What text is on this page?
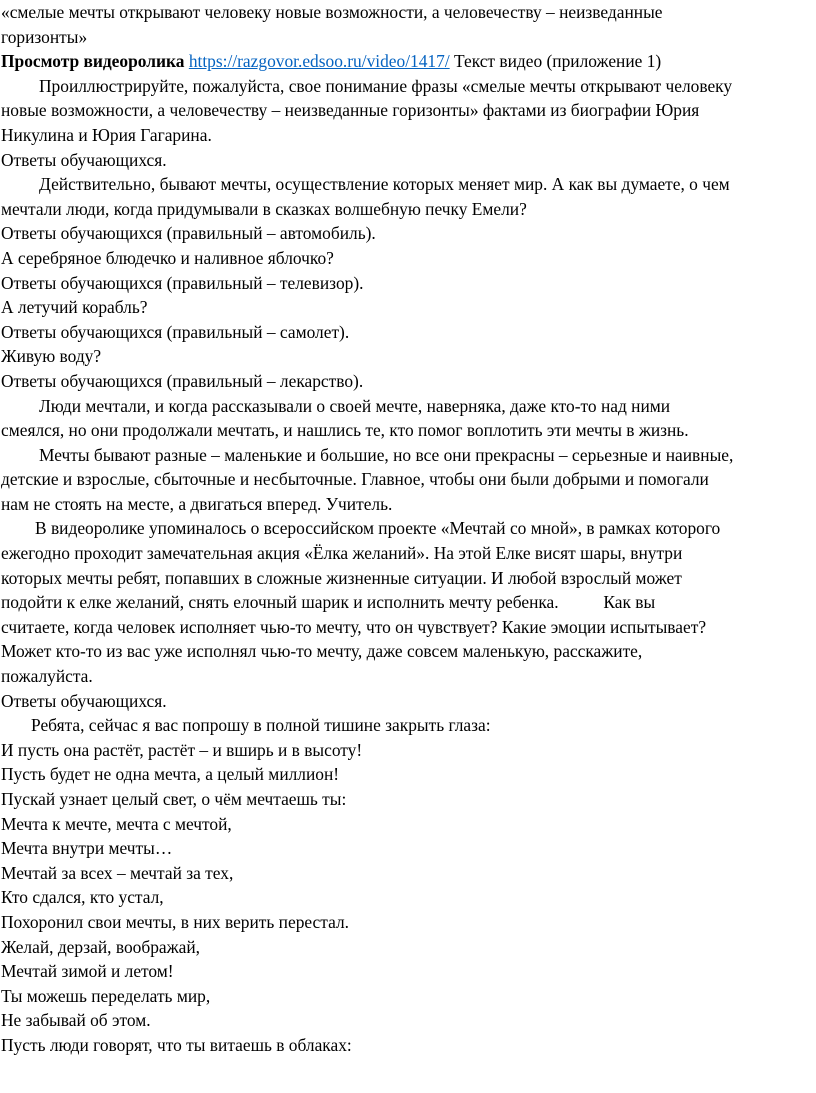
«смелые мечты открывают человеку новые возможности, а человечеству – неизведанные
горизонты»
Просмотр видеоролика https://razgovor.edsoo.ru/video/1417/ Текст видео (приложение 1)
Проиллюстрируйте, пожалуйста, свое понимание фразы «смелые мечты открывают человеку
новые возможности, а человечеству – неизведанные горизонты» фактами из биографии Юрия
Никулина и Юрия Гагарина.
Ответы обучающихся.
Действительно, бывают мечты, осуществление которых меняет мир. А как вы думаете, о чем
мечтали люди, когда придумывали в сказках волшебную печку Емели?
Ответы обучающихся (правильный – автомобиль).
А серебряное блюдечко и наливное яблочко?
Ответы обучающихся (правильный – телевизор).
А летучий корабль?
Ответы обучающихся (правильный – самолет).
Живую воду?
Ответы обучающихся (правильный – лекарство).
Люди мечтали, и когда рассказывали о своей мечте, наверняка, даже кто-то над ними
смеялся, но они продолжали мечтать, и нашлись те, кто помог воплотить эти мечты в жизнь.
Мечты бывают разные – маленькие и большие, но все они прекрасны – серьезные и наивные,
детские и взрослые, сбыточные и несбыточные. Главное, чтобы они были добрыми и помогали
нам не стоять на месте, а двигаться вперед. Учитель.
В видеоролике упоминалось о всероссийском проекте «Мечтай со мной», в рамках которого
ежегодно проходит замечательная акция «Ёлка желаний». На этой Елке висят шары, внутри
которых мечты ребят, попавших в сложные жизненные ситуации. И любой взрослый может
подойти к елке желаний, снять елочный шарик и исполнить мечту ребенка.	Как вы
считаете, когда человек исполняет чью-то мечту, что он чувствует? Какие эмоции испытывает?
Может кто-то из вас уже исполнял чью-то мечту, даже совсем маленькую, расскажите,
пожалуйста.
Ответы обучающихся.
Ребята, сейчас я вас попрошу в полной тишине закрыть глаза:
И пусть она растёт, растёт – и вширь и в высоту!
Пусть будет не одна мечта, а целый миллион!
Пускай узнает целый свет, о чём мечтаешь ты:
Мечта к мечте, мечта с мечтой,
Мечта внутри мечты…
Мечтай за всех – мечтай за тех,
Кто сдался, кто устал,
Похоронил свои мечты, в них верить перестал.
Желай, дерзай, воображай,
Мечтай зимой и летом!
Ты можешь переделать мир,
Не забывай об этом.
Пусть люди говорят, что ты витаешь в облаках:
